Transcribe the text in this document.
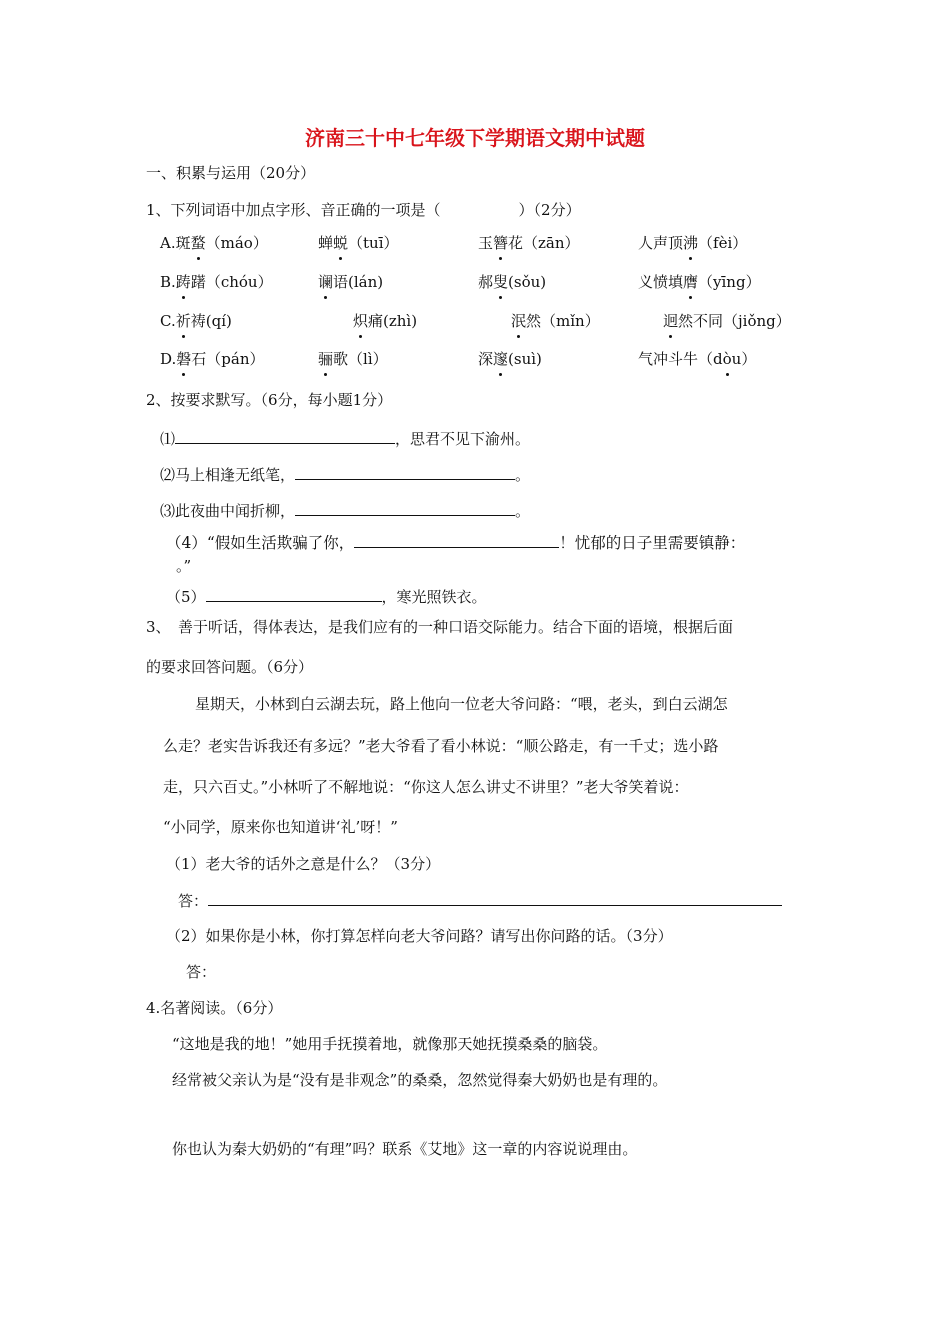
济南三十中七年级下学期语文期中试题
一、积累与运用（20分）
1、下列词语中加点字形、音正确的一项是（	）（2分）
A.斑蝥（máo）	蝉蜕（tuī）	玉簪花（zān）	人声顶沸（fèi）
B.踌躇（chóu）	谰语(lán)	郝叟(sǒu)	义愤填膺（yīng）
C.祈祷(qí)	炽痛(zhì)	泯然（mǐn）	迥然不同（jiǒng）
D.磐石（pán）	骊歌（lì）	深邃(suì)	气冲斗牛（dòu）
2、按要求默写。（6分，每小题1分）
⑴	，思君不见下渝州。
⑵马上相逢无纸笔，	。
⑶此夜曲中闻折柳，	。
（4）“假如生活欺骗了你，	！忧郁的日子里需要镇静：
。”
（5）	，寒光照铁衣。
3、　善于听话，得体表达，是我们应有的一种口语交际能力。结合下面的语境，根据后面
的要求回答问题。（6分）
星期天，小林到白云湖去玩，路上他向一位老大爷问路：“喂，老头，到白云湖怎
么走？老实告诉我还有多远？”老大爷看了看小林说：“顺公路走，有一千丈；选小路
走，只六百丈。”小林听了不解地说：“你这人怎么讲丈不讲里？”老大爷笑着说：
“小同学，原来你也知道讲‘礼’呀！”
（1）老大爷的话外之意是什么？（3分）
答：
（2）如果你是小林，你打算怎样向老大爷问路？请写出你问路的话。（3分）
答：
4.名著阅读。（6分）
“这地是我的地！”她用手抚摸着地，就像那天她抚摸桑桑的脑袋。
经常被父亲认为是“没有是非观念”的桑桑，忽然觉得秦大奶奶也是有理的。
你也认为秦大奶奶的“有理”吗？联系《艾地》这一章的内容说说理由。
